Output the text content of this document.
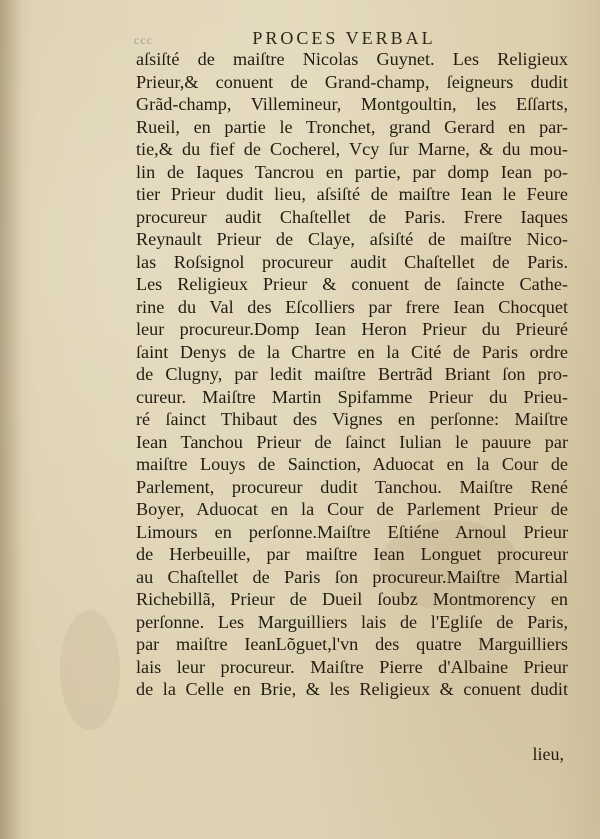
ccc	PROCES VERBAL
aſsiſté de maiſtre Nicolas Guynet. Les Religieux
Prieur,& conuent de Grand-champ, ſeigneurs dudit
Grãd-champ, Villemineur, Montgoultin, les Eſſarts,
Rueil, en partie le Tronchet, grand Gerard en par-
tie,& du fief de Cocherel, Vcy ſur Marne, & du mou-
lin de Iaques Tancrou en partie, par domp Iean po-
tier Prieur dudit lieu, aſsiſté de maiſtre Iean le Feure
procureur audit Chaſtellet de Paris. Frere Iaques
Reynault Prieur de Claye, aſsiſté de maiſtre Nico-
las Roſsignol procureur audit Chaſtellet de Paris.
Les Religieux Prieur & conuent de ſaincte Cathe-
rine du Val des Eſcolliers par frere Iean Chocquet
leur procureur.Domp Iean Heron Prieur du Prieuré
ſaint Denys de la Chartre en la Cité de Paris ordre
de Clugny, par ledit maiſtre Bertrãd Briant ſon pro-
cureur. Maiſtre Martin Spifamme Prieur du Prieu-
ré ſainct Thibaut des Vignes en perſonne: Maiſtre
Iean Tanchou Prieur de ſainct Iulian le pauure par
maiſtre Louys de Sainction, Aduocat en la Cour de
Parlement, procureur dudit Tanchou. Maiſtre René
Boyer, Aduocat en la Cour de Parlement Prieur de
Limours en perſonne.Maiſtre Eſtiéne Arnoul Prieur
de Herbeuille, par maiſtre Iean Longuet procureur
au Chaſtellet de Paris ſon procureur.Maiſtre Martial
Richebillã, Prieur de Dueil ſoubz Montmorency en
perſonne. Les Marguilliers lais de l'Egliſe de Paris,
par maiſtre IeanLõguet,l'vn des quatre Marguilliers
lais leur procureur. Maiſtre Pierre d'Albaine Prieur
de la Celle en Brie, & les Religieux & conuent dudit
lieu,
